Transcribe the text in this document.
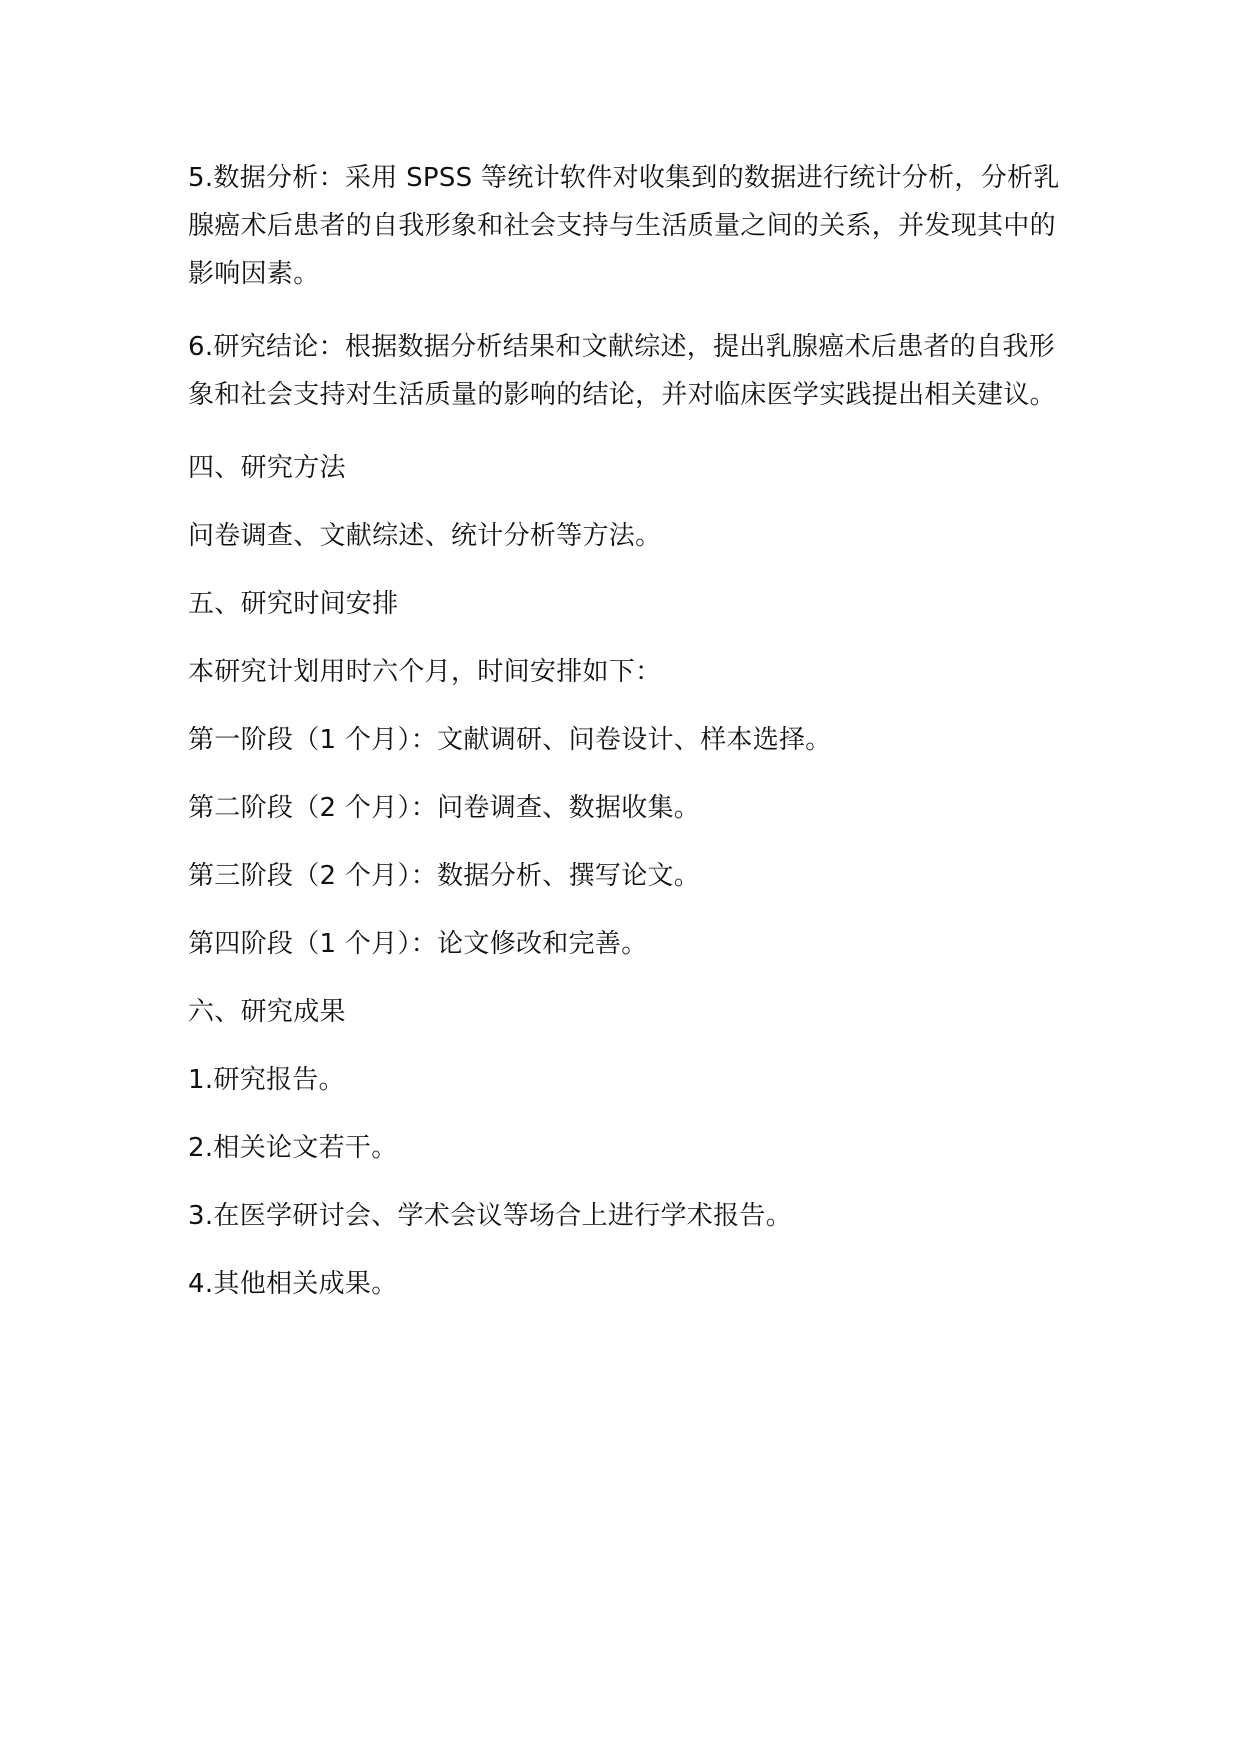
5.数据分析：采用 SPSS 等统计软件对收集到的数据进行统计分析，分析乳腺癌术后患者的自我形象和社会支持与生活质量之间的关系，并发现其中的影响因素。

6.研究结论：根据数据分析结果和文献综述，提出乳腺癌术后患者的自我形象和社会支持对生活质量的影响的结论，并对临床医学实践提出相关建议。

四、研究方法

问卷调查、文献综述、统计分析等方法。

五、研究时间安排

本研究计划用时六个月，时间安排如下：

第一阶段（1 个月）：文献调研、问卷设计、样本选择。

第二阶段（2 个月）：问卷调查、数据收集。

第三阶段（2 个月）：数据分析、撰写论文。

第四阶段（1 个月）：论文修改和完善。

六、研究成果

1.研究报告。

2.相关论文若干。

3.在医学研讨会、学术会议等场合上进行学术报告。

4.其他相关成果。
